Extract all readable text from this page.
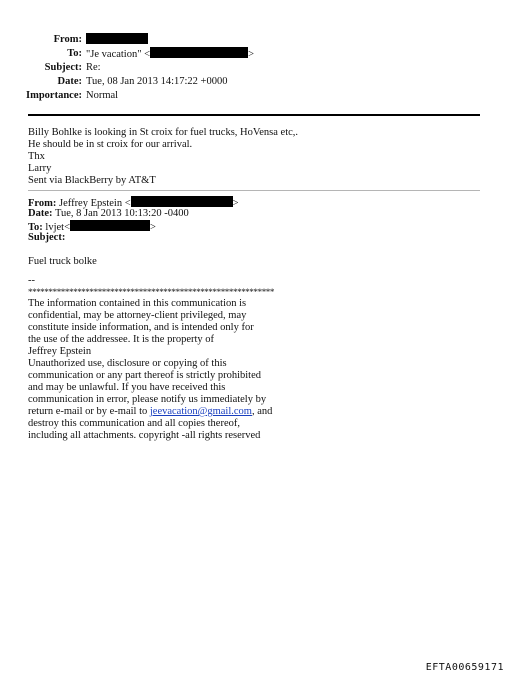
From:
To: "Je vacation" <	>
Subject: Re:
Date: Tue, 08 Jan 2013 14:17:22 +0000
Importance: Normal
Billy Bohlke is looking in St croix for fuel trucks, HoVensa etc,.
He should be in st croix for our arrival.
Thx
Larry
Sent via BlackBerry by AT&T
From: Jeffrey Epstein <	>
Date: Tue, 8 Jan 2013 10:13:20 -0400
To: lvjet<	>
Subject:
Fuel truck bolke
--
************************************************************
The information contained in this communication is
confidential, may be attorney-client privileged, may
constitute inside information, and is intended only for
the use of the addressee. It is the property of
Jeffrey Epstein
Unauthorized use, disclosure or copying of this
communication or any part thereof is strictly prohibited
and may be unlawful. If you have received this
communication in error, please notify us immediately by
return e-mail or by e-mail to jeevacation@gmail.com, and
destroy this communication and all copies thereof,
including all attachments. copyright -all rights reserved
EFTA00659171
